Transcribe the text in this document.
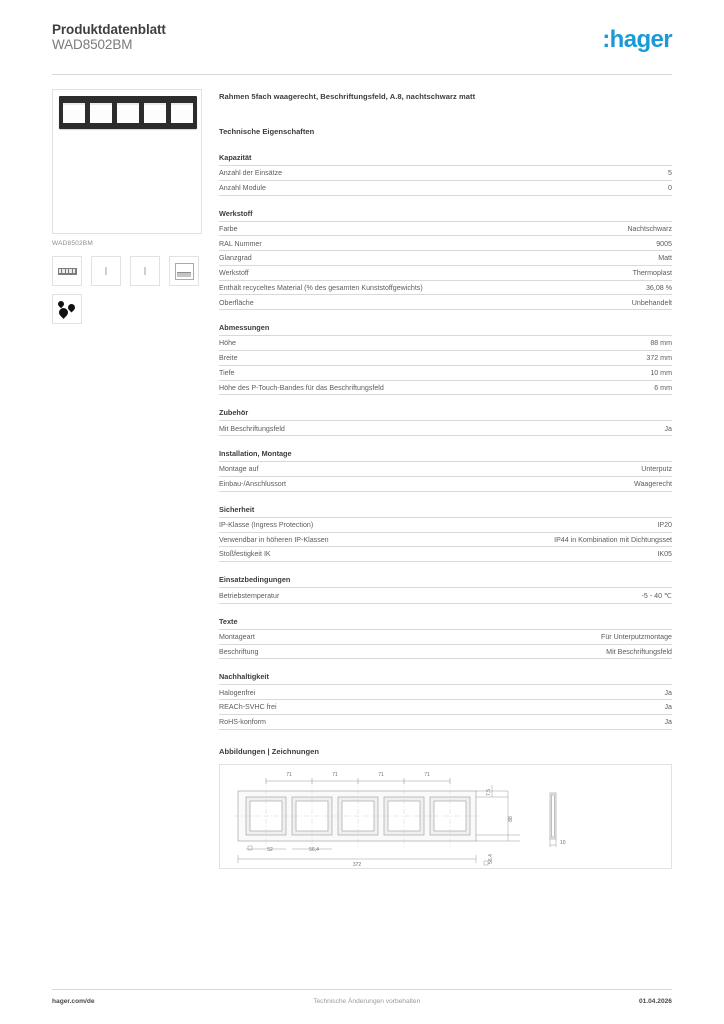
Produktdatenblatt
WAD8502BM	:hager
WAD8502BM
Rahmen 5fach waagerecht, Beschriftungsfeld, A.8, nachtschwarz matt
Technische Eigenschaften
Kapazität
Anzahl der Einsätze	5
Anzahl Module	0
Werkstoff
Farbe	Nachtschwarz
RAL Nummer	9005
Glanzgrad	Matt
Werkstoff	Thermoplast
Enthält recyceltes Material (% des gesamten Kunststoffgewichts)	36,08 %
Oberfläche	Unbehandelt
Abmessungen
Höhe	88 mm
Breite	372 mm
Tiefe	10 mm
Höhe des P-Touch-Bandes für das Beschriftungsfeld	6 mm
Zubehör
Mit Beschriftungsfeld	Ja
Installation, Montage
Montage auf	Unterputz
Einbau-/Anschlussort	Waagerecht
Sicherheit
IP-Klasse (Ingress Protection)	IP20
Verwendbar in höheren IP-Klassen	IP44 in Kombination mit Dichtungsset
Stoßfestigkeit IK	IK05
Einsatzbedingungen
Betriebstemperatur	-5 - 40 ℃
Texte
Montageart	Für Unterputzmontage
Beschriftung	Mit Beschriftungsfeld
Nachhaltigkeit
Halogenfrei	Ja
REACh-SVHC frei	Ja
RoHS-konform	Ja
Abbildungen | Zeichnungen
71	71	71	71
7,5
88
56,4
52	56,4
372
10
hager.com/de	Technische Änderungen vorbehalten	01.04.2026
